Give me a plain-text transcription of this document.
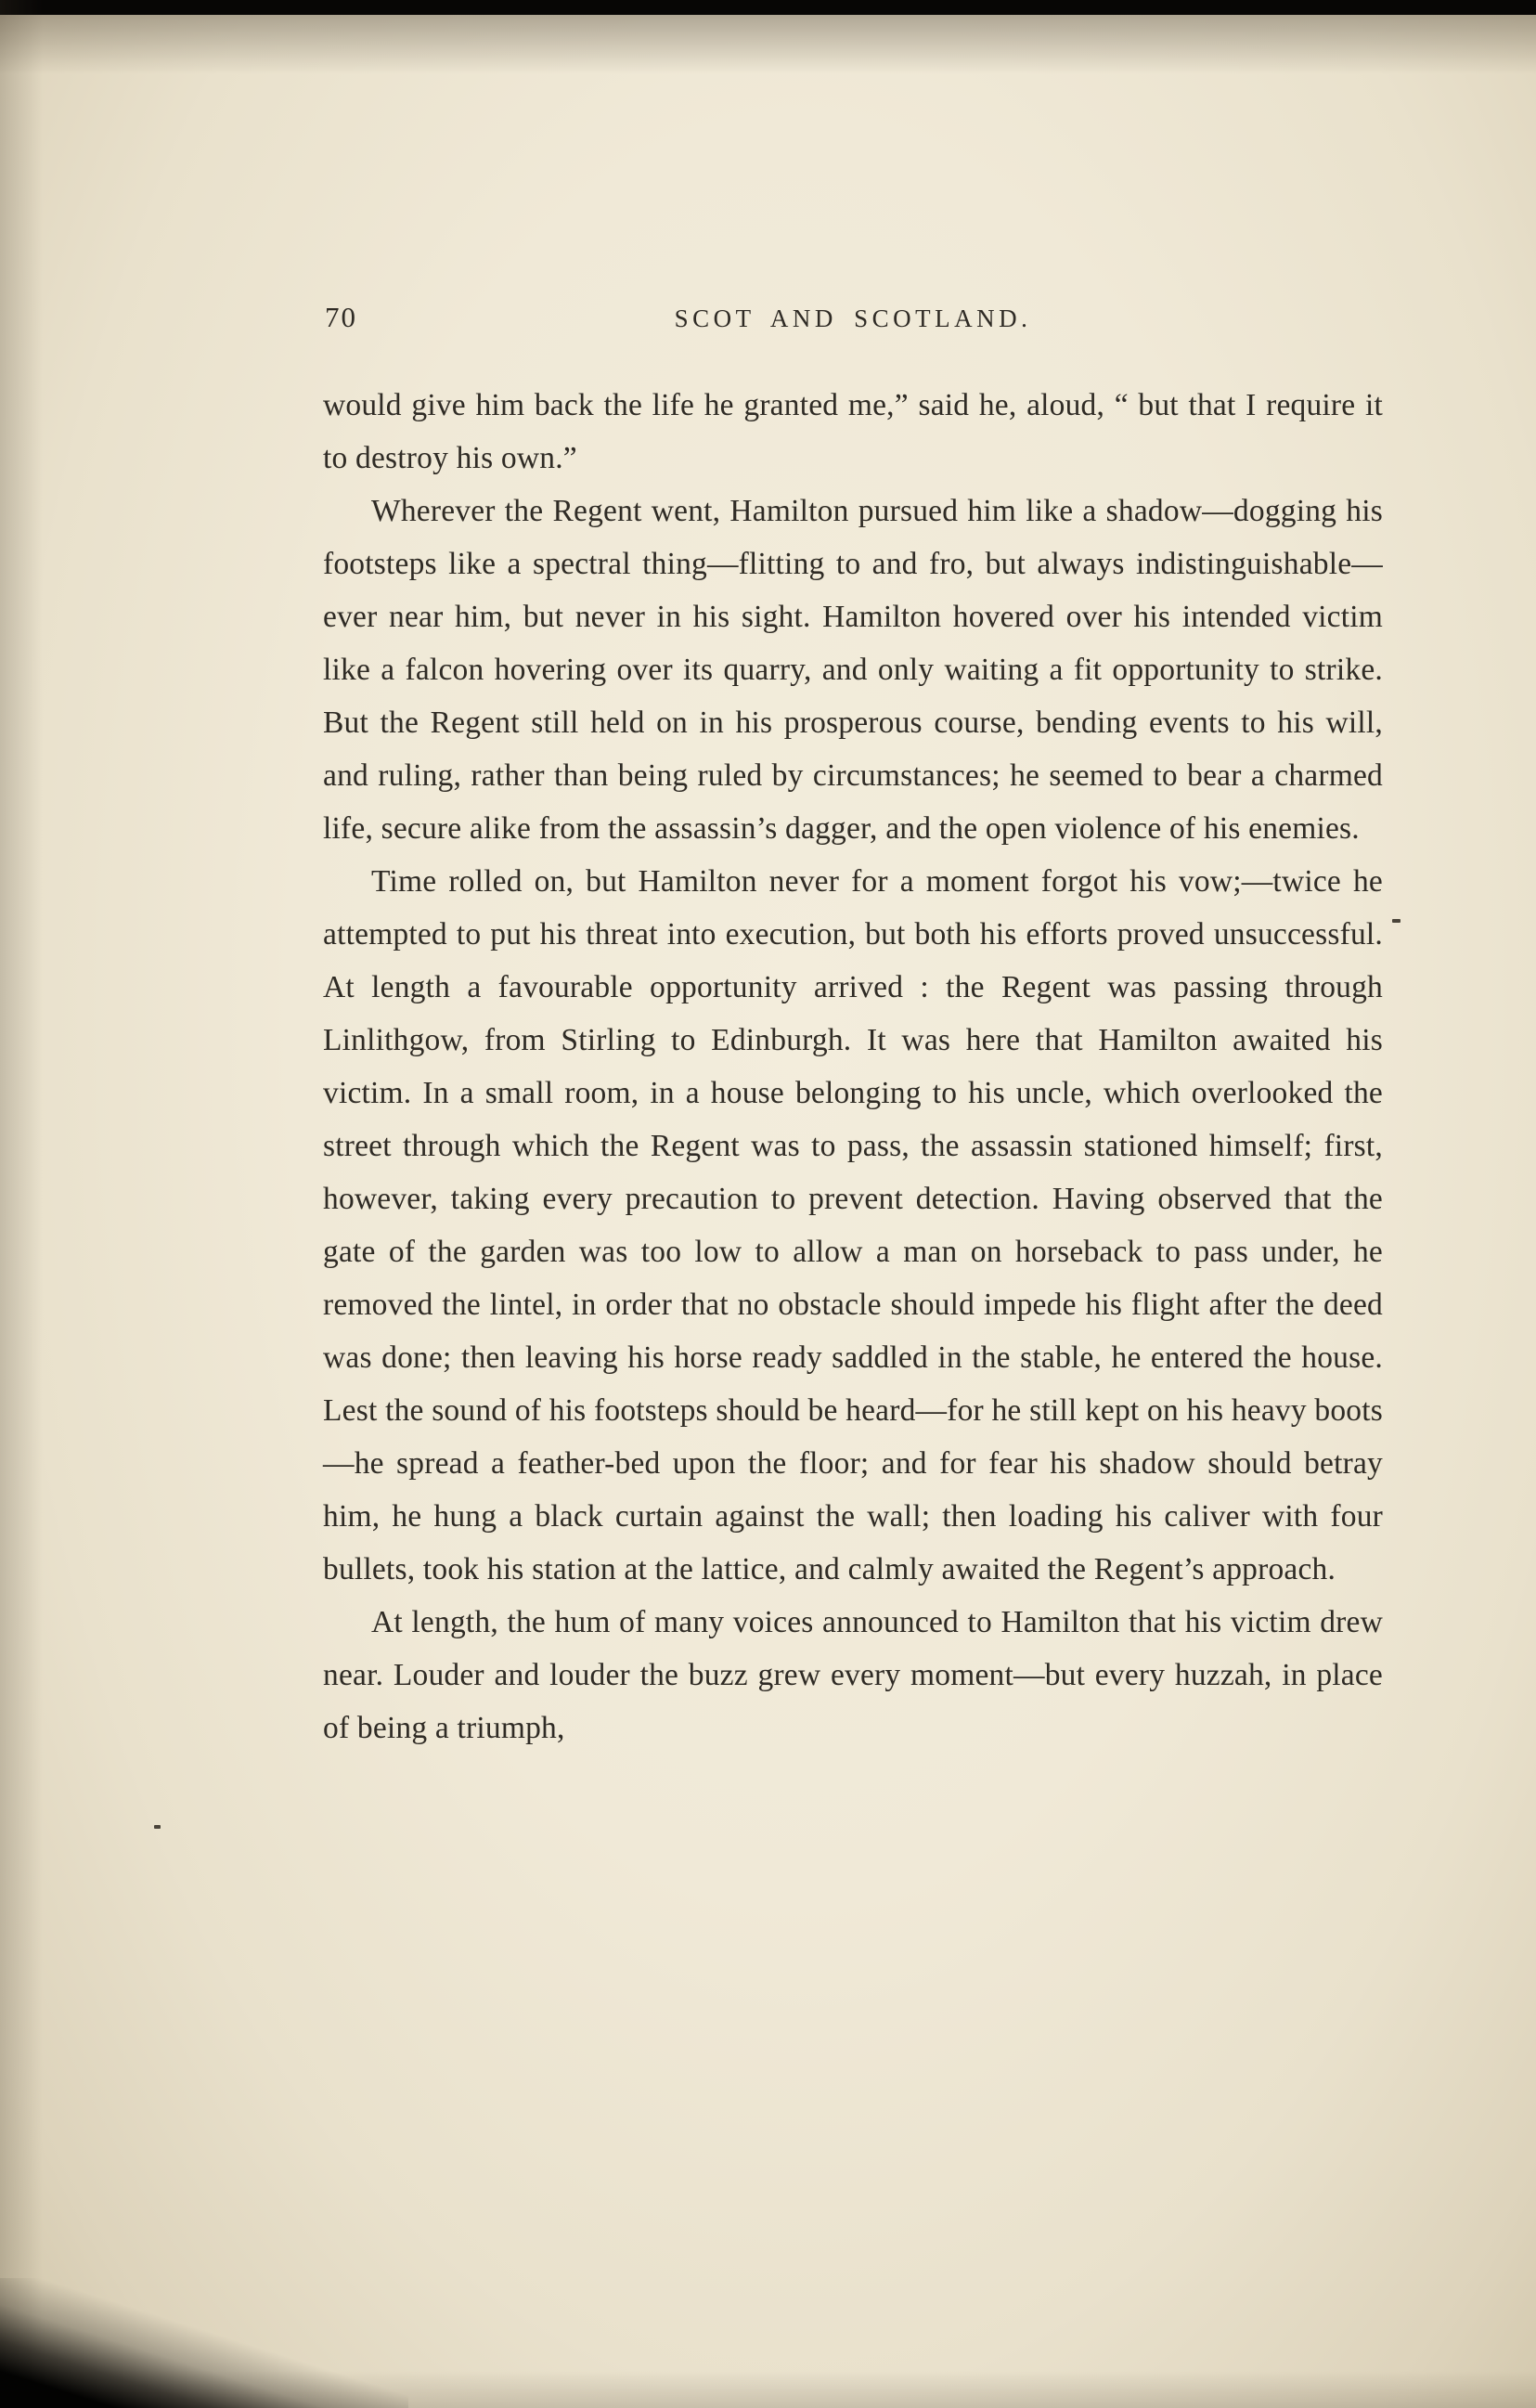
70	SCOT AND SCOTLAND.

would give him back the life he granted me,” said he, aloud, “ but that I require it to destroy his own.”

Wherever the Regent went, Hamilton pursued him like a shadow—dogging his footsteps like a spectral thing—flitting to and fro, but always indistinguishable—ever near him, but never in his sight. Hamilton hovered over his intended victim like a falcon hovering over its quarry, and only waiting a fit opportunity to strike. But the Regent still held on in his prosperous course, bending events to his will, and ruling, rather than being ruled by circumstances; he seemed to bear a charmed life, secure alike from the assassin’s dagger, and the open violence of his enemies.

Time rolled on, but Hamilton never for a moment forgot his vow;—twice he attempted to put his threat into execution, but both his efforts proved unsuccessful. At length a favourable opportunity arrived : the Regent was passing through Linlithgow, from Stirling to Edinburgh. It was here that Hamilton awaited his victim. In a small room, in a house belonging to his uncle, which overlooked the street through which the Regent was to pass, the assassin stationed himself; first, however, taking every precaution to prevent detection. Having observed that the gate of the garden was too low to allow a man on horseback to pass under, he removed the lintel, in order that no obstacle should impede his flight after the deed was done; then leaving his horse ready saddled in the stable, he entered the house. Lest the sound of his footsteps should be heard—for he still kept on his heavy boots—he spread a feather-bed upon the floor; and for fear his shadow should betray him, he hung a black curtain against the wall; then loading his caliver with four bullets, took his station at the lattice, and calmly awaited the Regent’s approach.

At length, the hum of many voices announced to Hamilton that his victim drew near. Louder and louder the buzz grew every moment—but every huzzah, in place of being a triumph,
